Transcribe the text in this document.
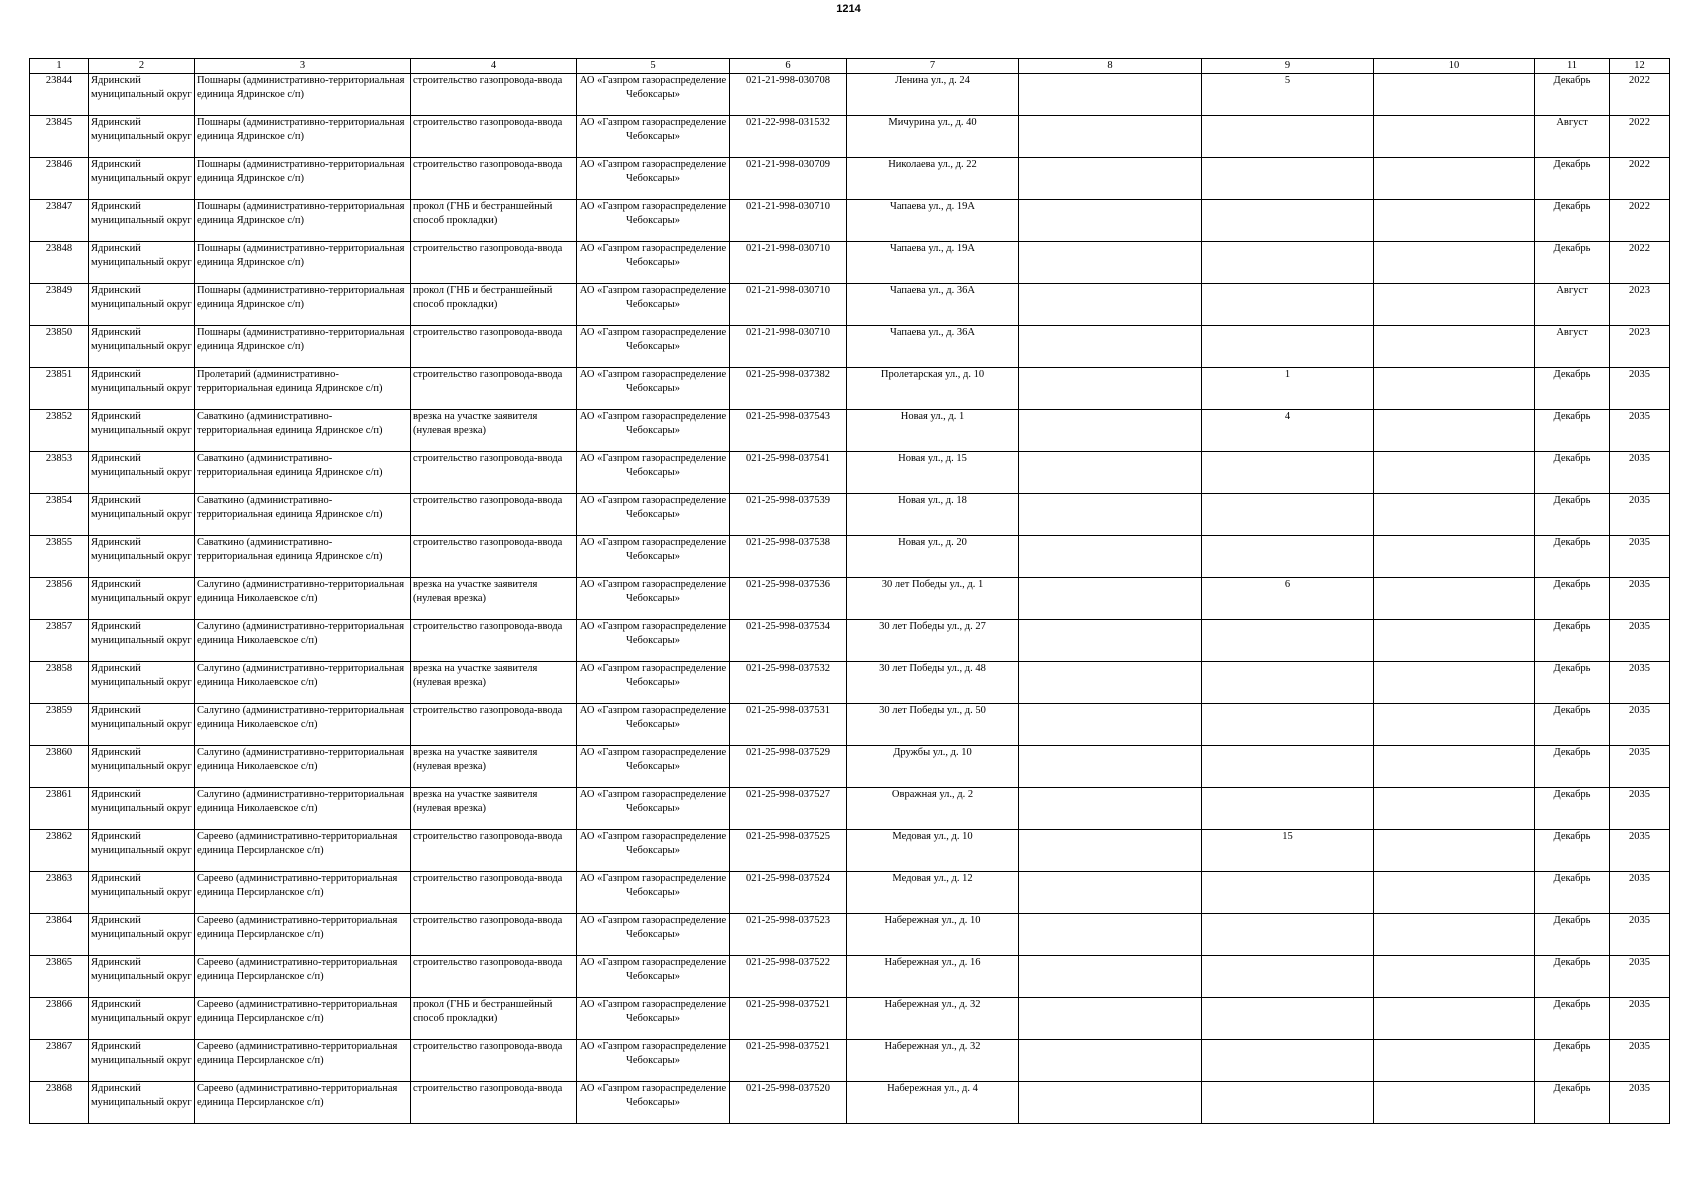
1214
1	2	3	4	5	6	7	8	9	10	11	12

23844	Ядринский муниципальный округ	Пошнары (административно-территориальная единица Ядринское с/п)	строительство газопровода-ввода	АО «Газпром газораспределение Чебоксары»	021-21-998-030708	Ленина ул., д. 24		5		Декабрь	2022

23845	Ядринский муниципальный округ	Пошнары (административно-территориальная единица Ядринское с/п)	строительство газопровода-ввода	АО «Газпром газораспределение Чебоксары»	021-22-998-031532	Мичурина ул., д. 40				Август	2022

23846	Ядринский муниципальный округ	Пошнары (административно-территориальная единица Ядринское с/п)	строительство газопровода-ввода	АО «Газпром газораспределение Чебоксары»	021-21-998-030709	Николаева ул., д. 22				Декабрь	2022

23847	Ядринский муниципальный округ	Пошнары (административно-территориальная единица Ядринское с/п)	прокол (ГНБ и бестраншейный способ прокладки)	АО «Газпром газораспределение Чебоксары»	021-21-998-030710	Чапаева ул., д. 19А				Декабрь	2022

23848	Ядринский муниципальный округ	Пошнары (административно-территориальная единица Ядринское с/п)	строительство газопровода-ввода	АО «Газпром газораспределение Чебоксары»	021-21-998-030710	Чапаева ул., д. 19А				Декабрь	2022

23849	Ядринский муниципальный округ	Пошнары (административно-территориальная единица Ядринское с/п)	прокол (ГНБ и бестраншейный способ прокладки)	АО «Газпром газораспределение Чебоксары»	021-21-998-030710	Чапаева ул., д. 36А				Август	2023

23850	Ядринский муниципальный округ	Пошнары (административно-территориальная единица Ядринское с/п)	строительство газопровода-ввода	АО «Газпром газораспределение Чебоксары»	021-21-998-030710	Чапаева ул., д. 36А				Август	2023

23851	Ядринский муниципальный округ	Пролетарий (административно-территориальная единица Ядринское с/п)	строительство газопровода-ввода	АО «Газпром газораспределение Чебоксары»	021-25-998-037382	Пролетарская ул., д. 10		1		Декабрь	2035

23852	Ядринский муниципальный округ	Саваткино (административно-территориальная единица Ядринское с/п)	врезка на участке заявителя (нулевая врезка)	АО «Газпром газораспределение Чебоксары»	021-25-998-037543	Новая ул., д. 1		4		Декабрь	2035

23853	Ядринский муниципальный округ	Саваткино (административно-территориальная единица Ядринское с/п)	строительство газопровода-ввода	АО «Газпром газораспределение Чебоксары»	021-25-998-037541	Новая ул., д. 15				Декабрь	2035

23854	Ядринский муниципальный округ	Саваткино (административно-территориальная единица Ядринское с/п)	строительство газопровода-ввода	АО «Газпром газораспределение Чебоксары»	021-25-998-037539	Новая ул., д. 18				Декабрь	2035

23855	Ядринский муниципальный округ	Саваткино (административно-территориальная единица Ядринское с/п)	строительство газопровода-ввода	АО «Газпром газораспределение Чебоксары»	021-25-998-037538	Новая ул., д. 20				Декабрь	2035

23856	Ядринский муниципальный округ	Салугино (административно-территориальная единица Николаевское с/п)	врезка на участке заявителя (нулевая врезка)	АО «Газпром газораспределение Чебоксары»	021-25-998-037536	30 лет Победы ул., д. 1		6		Декабрь	2035

23857	Ядринский муниципальный округ	Салугино (административно-территориальная единица Николаевское с/п)	строительство газопровода-ввода	АО «Газпром газораспределение Чебоксары»	021-25-998-037534	30 лет Победы ул., д. 27				Декабрь	2035

23858	Ядринский муниципальный округ	Салугино (административно-территориальная единица Николаевское с/п)	врезка на участке заявителя (нулевая врезка)	АО «Газпром газораспределение Чебоксары»	021-25-998-037532	30 лет Победы ул., д. 48				Декабрь	2035

23859	Ядринский муниципальный округ	Салугино (административно-территориальная единица Николаевское с/п)	строительство газопровода-ввода	АО «Газпром газораспределение Чебоксары»	021-25-998-037531	30 лет Победы ул., д. 50				Декабрь	2035

23860	Ядринский муниципальный округ	Салугино (административно-территориальная единица Николаевское с/п)	врезка на участке заявителя (нулевая врезка)	АО «Газпром газораспределение Чебоксары»	021-25-998-037529	Дружбы ул., д. 10				Декабрь	2035

23861	Ядринский муниципальный округ	Салугино (административно-территориальная единица Николаевское с/п)	врезка на участке заявителя (нулевая врезка)	АО «Газпром газораспределение Чебоксары»	021-25-998-037527	Овражная ул., д. 2				Декабрь	2035

23862	Ядринский муниципальный округ	Сареево (административно-территориальная единица Персирланское с/п)	строительство газопровода-ввода	АО «Газпром газораспределение Чебоксары»	021-25-998-037525	Медовая ул., д. 10		15		Декабрь	2035

23863	Ядринский муниципальный округ	Сареево (административно-территориальная единица Персирланское с/п)	строительство газопровода-ввода	АО «Газпром газораспределение Чебоксары»	021-25-998-037524	Медовая ул., д. 12				Декабрь	2035

23864	Ядринский муниципальный округ	Сареево (административно-территориальная единица Персирланское с/п)	строительство газопровода-ввода	АО «Газпром газораспределение Чебоксары»	021-25-998-037523	Набережная ул., д. 10				Декабрь	2035

23865	Ядринский муниципальный округ	Сареево (административно-территориальная единица Персирланское с/п)	строительство газопровода-ввода	АО «Газпром газораспределение Чебоксары»	021-25-998-037522	Набережная ул., д. 16				Декабрь	2035

23866	Ядринский муниципальный округ	Сареево (административно-территориальная единица Персирланское с/п)	прокол (ГНБ и бестраншейный способ прокладки)	АО «Газпром газораспределение Чебоксары»	021-25-998-037521	Набережная ул., д. 32				Декабрь	2035

23867	Ядринский муниципальный округ	Сареево (административно-территориальная единица Персирланское с/п)	строительство газопровода-ввода	АО «Газпром газораспределение Чебоксары»	021-25-998-037521	Набережная ул., д. 32				Декабрь	2035

23868	Ядринский муниципальный округ	Сареево (административно-территориальная единица Персирланское с/п)	строительство газопровода-ввода	АО «Газпром газораспределение Чебоксары»	021-25-998-037520	Набережная ул., д. 4				Декабрь	2035
